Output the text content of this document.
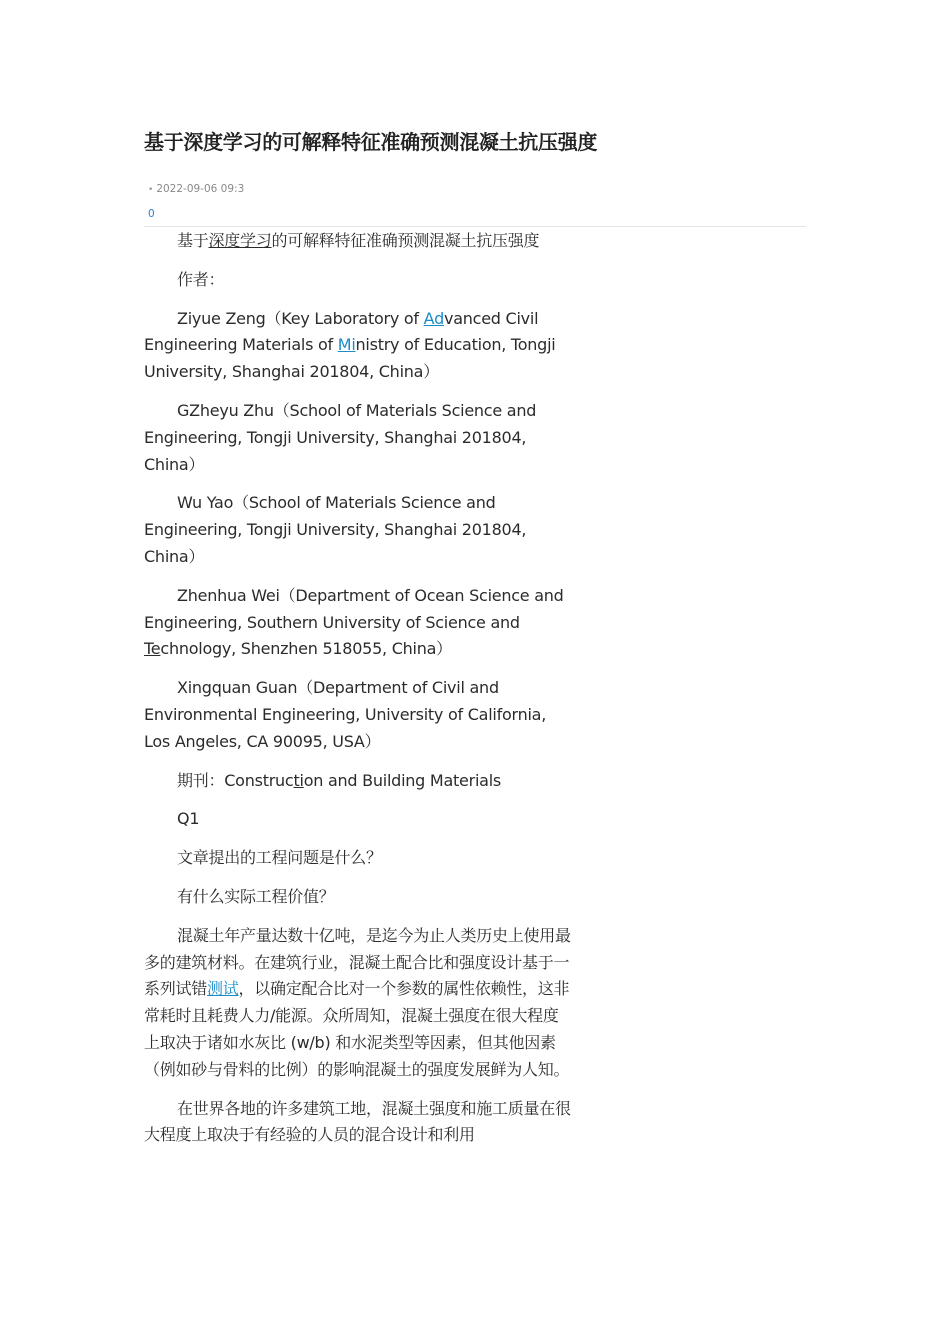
基于深度学习的可解释特征准确预测混凝土抗压强度
• 2022-09-06 09:3
0

基于深度学习的可解释特征准确预测混凝土抗压强度

作者：

Ziyue Zeng（Key Laboratory of Advanced Civil Engineering Materials of Ministry of Education, Tongji University, Shanghai 201804, China）

GZheyu Zhu（School of Materials Science and Engineering, Tongji University, Shanghai 201804, China）

Wu Yao（School of Materials Science and Engineering, Tongji University, Shanghai 201804, China）

Zhenhua Wei（Department of Ocean Science and Engineering, Southern University of Science and Technology, Shenzhen 518055, China）

Xingquan Guan（Department of Civil and Environmental Engineering, University of California, Los Angeles, CA 90095, USA）

期刊：Construction and Building Materials

Q1

文章提出的工程问题是什么？

有什么实际工程价值？

混凝土年产量达数十亿吨，是迄今为止人类历史上使用最多的建筑材料。在建筑行业，混凝土配合比和强度设计基于一系列试错测试，以确定配合比对一个参数的属性依赖性，这非常耗时且耗费人力/能源。众所周知，混凝土强度在很大程度上取决于诸如水灰比 (w/b) 和水泥类型等因素，但其他因素（例如砂与骨料的比例）的影响混凝土的强度发展鲜为人知。

在世界各地的许多建筑工地，混凝土强度和施工质量在很大程度上取决于有经验的人员的混合设计和利用
